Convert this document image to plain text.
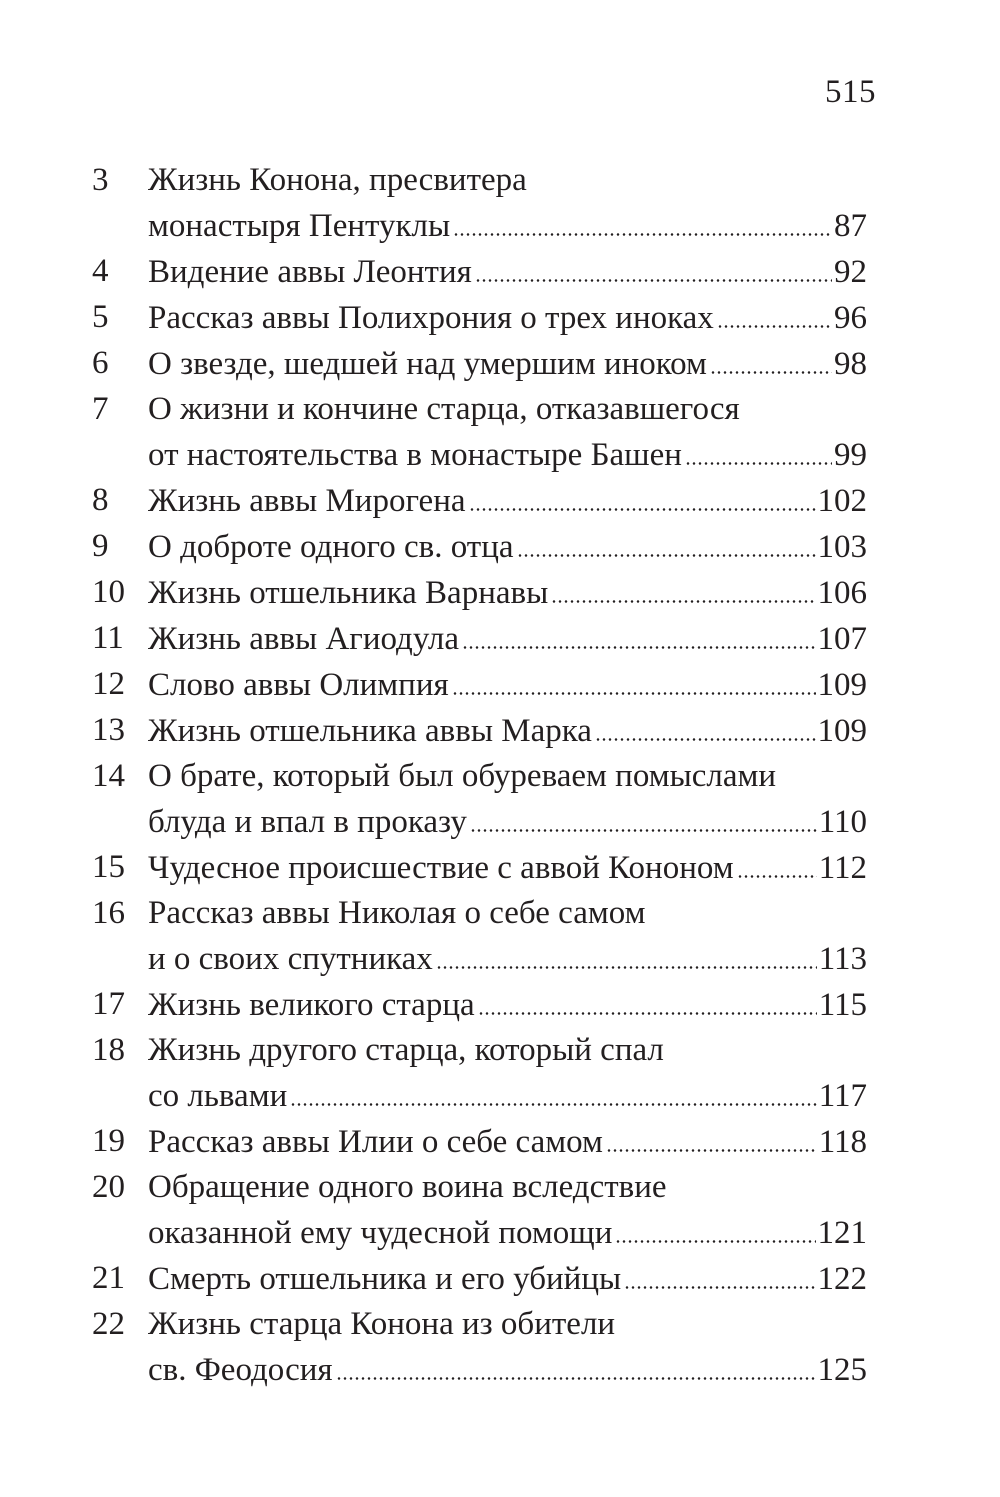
515
3	Жизнь Конона, пресвитера
монастыря Пентуклы	87
4	Видение аввы Леонтия	92
5	Рассказ аввы Полихрония о трех иноках	96
6	О звезде, шедшей над умершим иноком	98
7	О жизни и кончине старца, отказавшегося
от настоятельства в монастыре Башен	99
8	Жизнь аввы Мирогена	102
9	О доброте одного св. отца	103
10 Жизнь отшельника Варнавы	106
11 Жизнь аввы Агиодула	107
12 Слово аввы Олимпия	109
13 Жизнь отшельника аввы Марка	109
14 О брате, который был обуреваем помыслами
блуда и впал в проказу	110
15 Чудесное происшествие с аввой Кононом	112
16 Рассказ аввы Николая о себе самом
и о своих спутниках	113
17 Жизнь великого старца	115
18 Жизнь другого старца, который спал
со львами	117
19 Рассказ аввы Илии о себе самом	118
20 Обращение одного воина вследствие
оказанной ему чудесной помощи	121
21 Смерть отшельника и его убийцы	122
22 Жизнь старца Конона из обители
св. Феодосия	125
